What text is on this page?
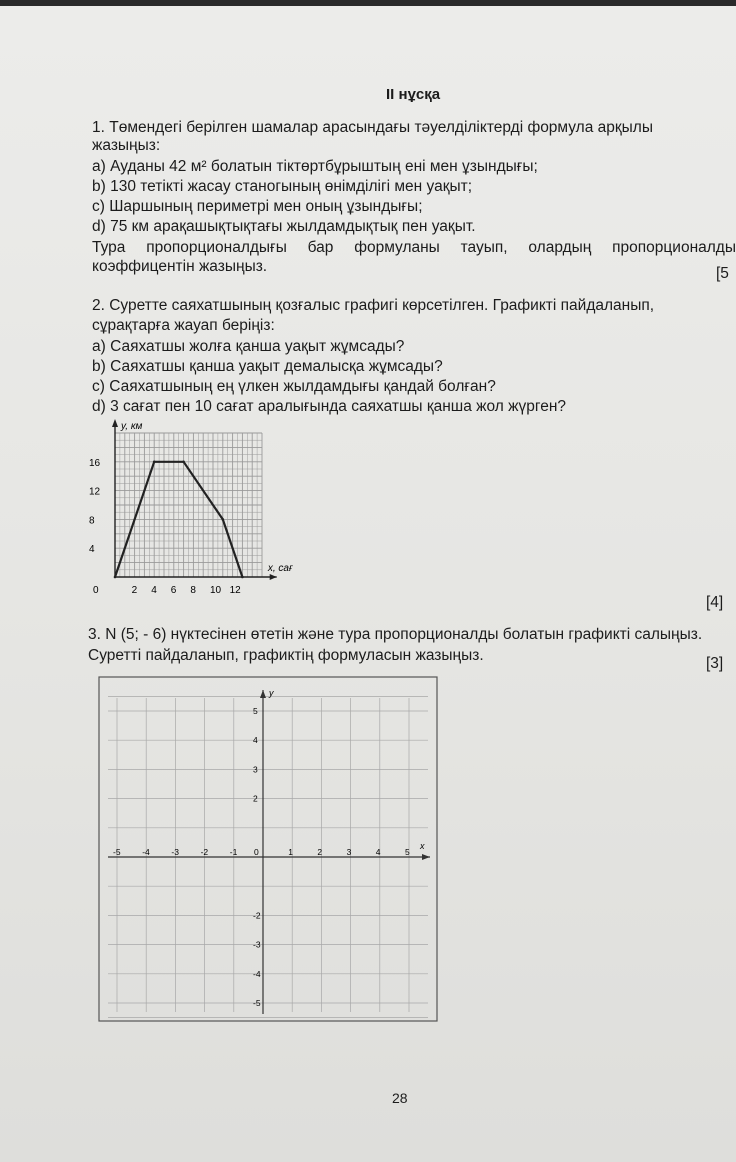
II нұсқа
1. Төмендегі берілген шамалар арасындағы тәуелділіктерді формула арқылы
жазыңыз:
a) Ауданы 42 м² болатын тіктөртбұрыштың ені мен ұзындығы;
b) 130 тетікті жасау станогының өнімділігі мен уақыт;
c) Шаршының периметрі мен оның ұзындығы;
d) 75 км арақашықтықтағы жылдамдықтық пен уақыт.
Тура пропорционалдығы бар формуланы тауып, олардың пропорционалды
коэффицентін жазыңыз.	[5
2. Суретте саяхатшының қозғалыс графигі көрсетілген. Графикті пайдаланып,
сұрақтарға жауап беріңіз:
a) Саяхатшы жолға қанша уақыт жұмсады?
b) Саяхатшы қанша уақыт демалысқа жұмсады?
c) Саяхатшының ең үлкен жылдамдығы қандай болған?
d) 3 сағат пен 10 сағат аралығында саяхатшы қанша жол жүрген?
2 4 6 8 10 12
4
8
12
16
0
y, км
x, сағ
[4]
3. N (5; - 6) нүктесінен өтетін және тура пропорционалды болатын графикті салыңыз.
Суретті пайдаланып, графиктің формуласын жазыңыз.	[3]
x
y
-5	-4	-3	-2	-1	1	2	3	4	5
5
4
3
2
-2
-3
-4
-5
0
28
